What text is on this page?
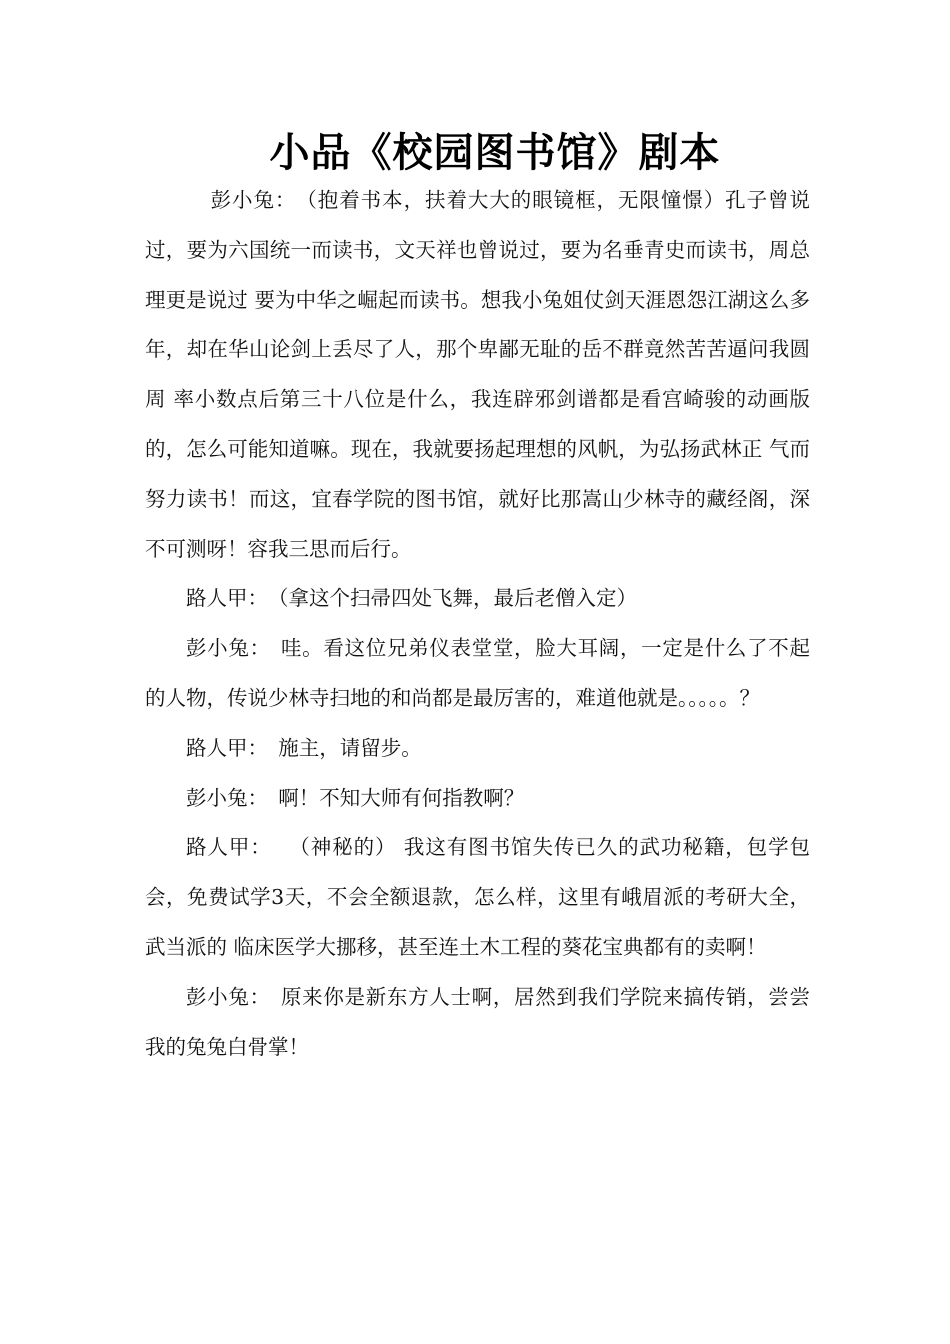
小品《校园图书馆》剧本

彭小兔： （抱着书本，扶着大大的眼镜框，无限憧憬）孔子曾说过，要为六国统一而读书，文天祥也曾说过，要为名垂青史而读书，周总理更是说过 要为中华之崛起而读书。想我小兔姐仗剑天涯恩怨江湖这么多年，却在华山论剑上丢尽了人，那个卑鄙无耻的岳不群竟然苦苦逼问我圆周 率小数点后第三十八位是什么，我连辟邪剑谱都是看宫崎骏的动画版的，怎么可能知道嘛。现在，我就要扬起理想的风帆，为弘扬武林正 气而努力读书！而这，宜春学院的图书馆，就好比那嵩山少林寺的藏经阁，深不可测呀！容我三思而后行。

路人甲： （拿这个扫帚四处飞舞，最后老僧入定）

彭小兔： 哇。看这位兄弟仪表堂堂，脸大耳阔，一定是什么了不起的人物，传说少林寺扫地的和尚都是最厉害的，难道他就是。。。。。？

路人甲： 施主，请留步。

彭小兔： 啊！不知大师有何指教啊？

路人甲： （神秘的） 我这有图书馆失传已久的武功秘籍，包学包会，免费试学3天，不会全额退款，怎么样，这里有峨眉派的考研大全，武当派的 临床医学大挪移，甚至连土木工程的葵花宝典都有的卖啊！

彭小兔： 原来你是新东方人士啊，居然到我们学院来搞传销，尝尝我的兔兔白骨掌！
